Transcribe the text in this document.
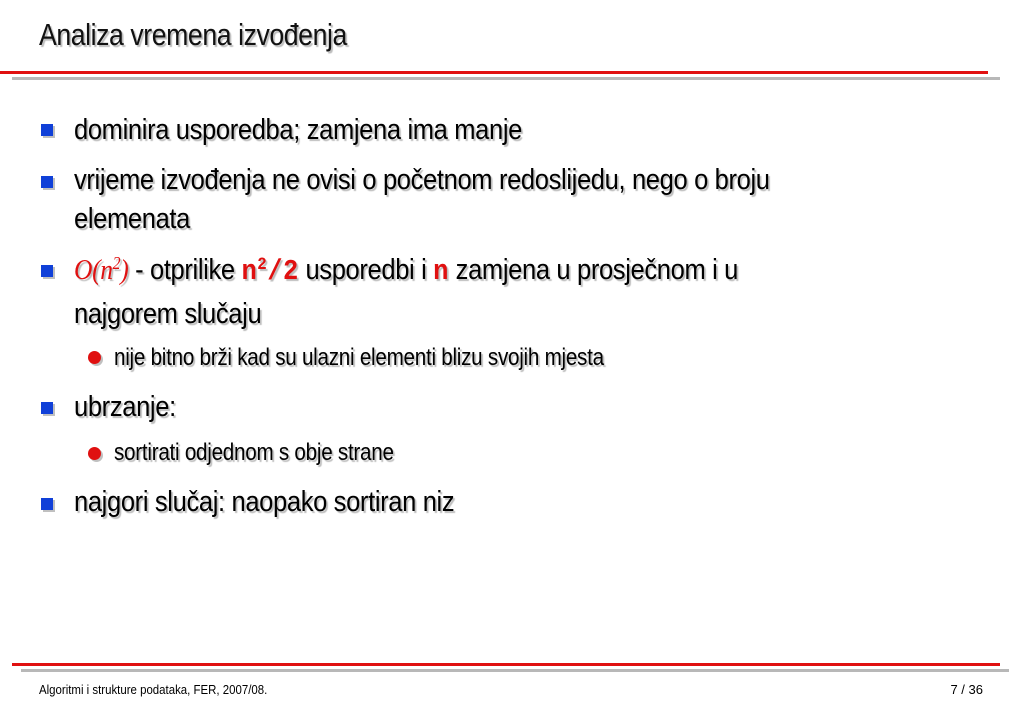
Analiza vremena izvođenja
dominira usporedba; zamjena ima manje
vrijeme izvođenja ne ovisi o početnom redoslijedu, nego o broju
elemenata
$O(n^2)$ - otprilike $n^2/2$ usporedbi i n zamjena u prosječnom i u
najgorem slučaju
nije bitno brži kad su ulazni elementi blizu svojih mjesta
ubrzanje:
sortirati odjednom s obje strane
najgori slučaj: naopako sortiran niz
Algoritmi i strukture podataka, FER, 2007/08.	7 / 36
